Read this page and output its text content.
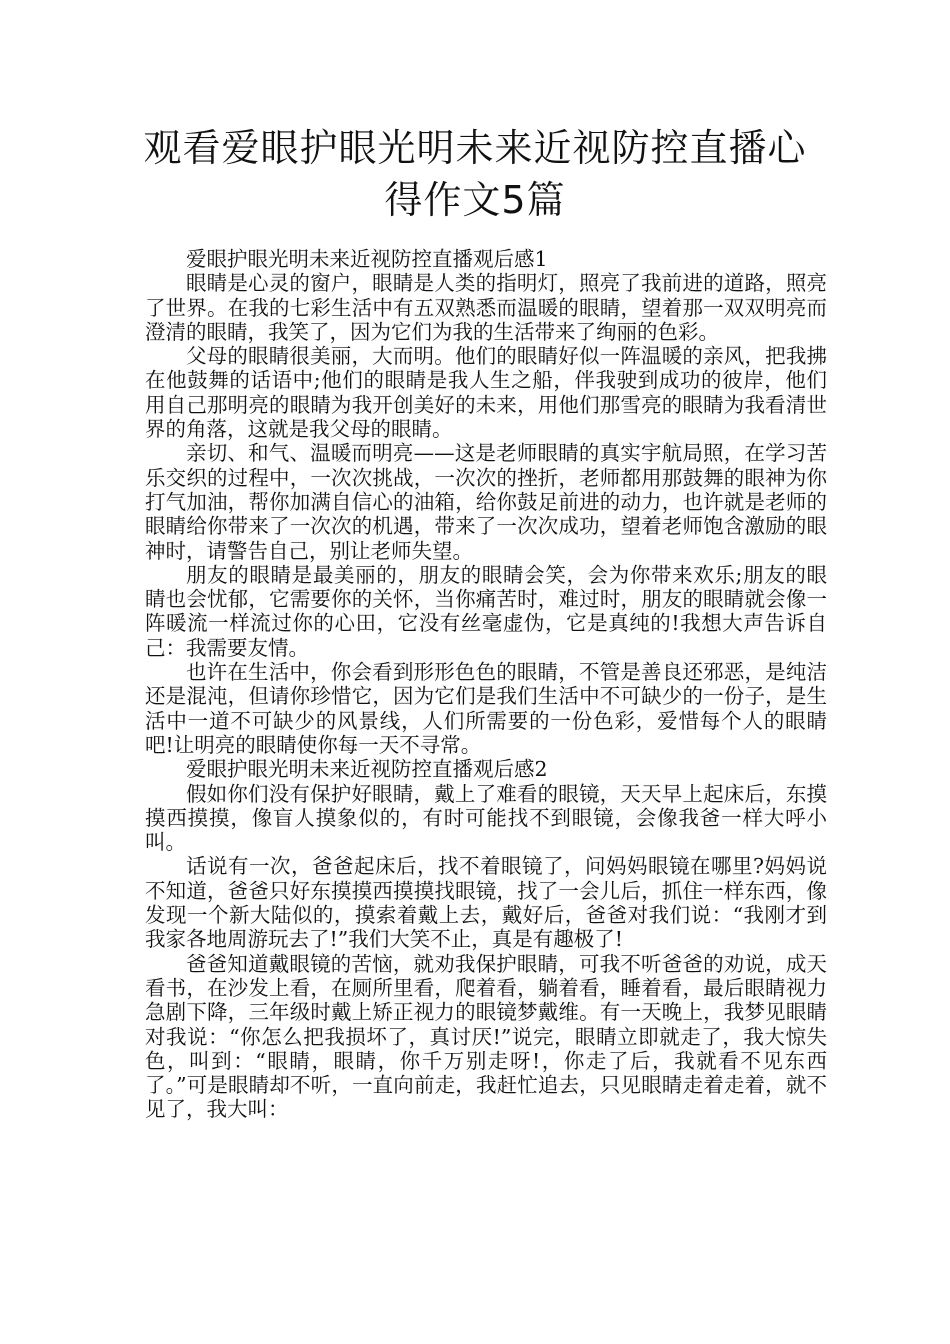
观看爱眼护眼光明未来近视防控直播心
得作文5篇

爱眼护眼光明未来近视防控直播观后感1

眼睛是心灵的窗户，眼睛是人类的指明灯，照亮了我前进的道路，照亮了世界。在我的七彩生活中有五双熟悉而温暖的眼睛，望着那一双双明亮而澄清的眼睛，我笑了，因为它们为我的生活带来了绚丽的色彩。

父母的眼睛很美丽，大而明。他们的眼睛好似一阵温暖的亲风，把我拂在他鼓舞的话语中;他们的眼睛是我人生之船，伴我驶到成功的彼岸，他们用自己那明亮的眼睛为我开创美好的未来，用他们那雪亮的眼睛为我看清世界的角落，这就是我父母的眼睛。

亲切、和气、温暖而明亮——这是老师眼睛的真实宇航局照，在学习苦乐交织的过程中，一次次挑战，一次次的挫折，老师都用那鼓舞的眼神为你打气加油，帮你加满自信心的油箱，给你鼓足前进的动力，也许就是老师的眼睛给你带来了一次次的机遇，带来了一次次成功，望着老师饱含激励的眼神时，请警告自己，别让老师失望。

朋友的眼睛是最美丽的，朋友的眼睛会笑，会为你带来欢乐;朋友的眼睛也会忧郁，它需要你的关怀，当你痛苦时，难过时，朋友的眼睛就会像一阵暖流一样流过你的心田，它没有丝毫虚伪，它是真纯的!我想大声告诉自己：我需要友情。

也许在生活中，你会看到形形色色的眼睛，不管是善良还邪恶，是纯洁还是混沌，但请你珍惜它，因为它们是我们生活中不可缺少的一份子，是生活中一道不可缺少的风景线，人们所需要的一份色彩，爱惜每个人的眼睛吧!让明亮的眼睛使你每一天不寻常。

爱眼护眼光明未来近视防控直播观后感2

假如你们没有保护好眼睛，戴上了难看的眼镜，天天早上起床后，东摸摸西摸摸，像盲人摸象似的，有时可能找不到眼镜，会像我爸一样大呼小叫。

话说有一次，爸爸起床后，找不着眼镜了，问妈妈眼镜在哪里?妈妈说不知道，爸爸只好东摸摸西摸摸找眼镜，找了一会儿后，抓住一样东西，像发现一个新大陆似的，摸索着戴上去，戴好后，爸爸对我们说：“我刚才到我家各地周游玩去了!”我们大笑不止，真是有趣极了!

爸爸知道戴眼镜的苦恼，就劝我保护眼睛，可我不听爸爸的劝说，成天看书，在沙发上看，在厕所里看，爬着看，躺着看，睡着看，最后眼睛视力急剧下降，三年级时戴上矫正视力的眼镜梦戴维。有一天晚上，我梦见眼睛对我说：“你怎么把我损坏了，真讨厌!”说完，眼睛立即就走了，我大惊失色，叫到：“眼睛，眼睛，你千万别走呀!，你走了后，我就看不见东西了。”可是眼睛却不听，一直向前走，我赶忙追去，只见眼睛走着走着，就不见了，我大叫：
